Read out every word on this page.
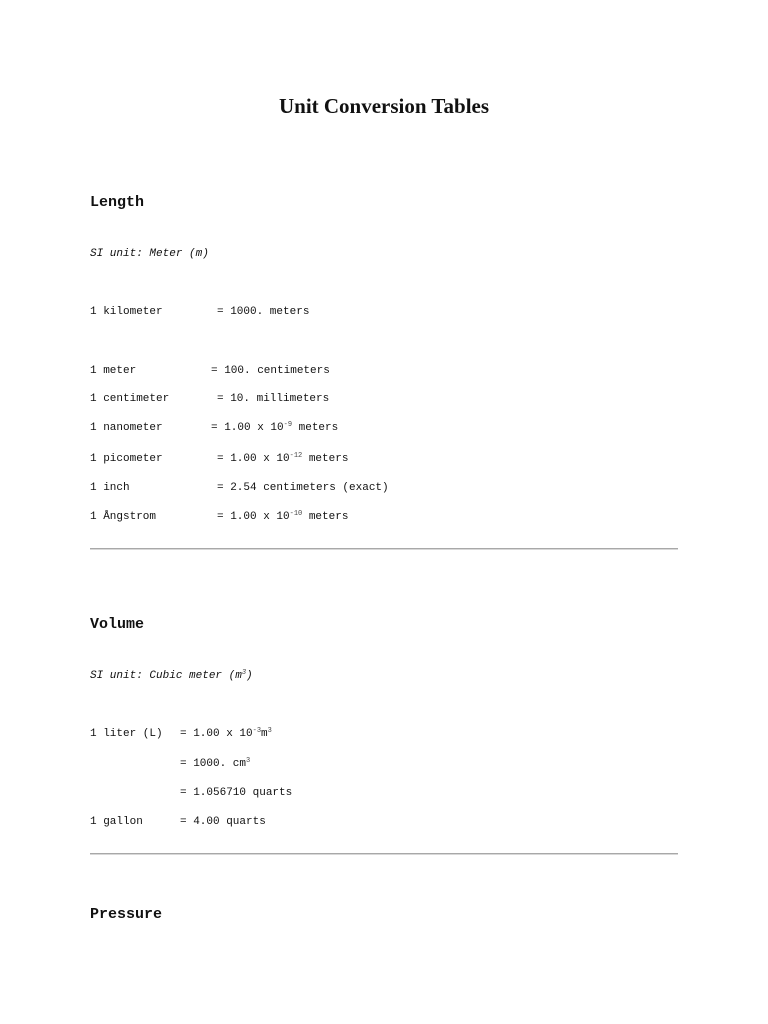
Unit Conversion Tables
Length
SI unit: Meter (m)
1 kilometer	= 1000. meters
1 meter	= 100. centimeters
1 centimeter	= 10. millimeters
1 nanometer	= 1.00 x $10^{-9}$ meters
1 picometer	= 1.00 x $10^{-12}$ meters
1 inch	= 2.54 centimeters (exact)
1 Ångstrom	= 1.00 x $10^{-10}$ meters
Volume
SI unit: Cubic meter $(m^3)$
1 liter (L) = 1.00 x $10^{-3}m^3$
= 1000. $cm^3$
= 1.056710 quarts
1 gallon	= 4.00 quarts
Pressure
